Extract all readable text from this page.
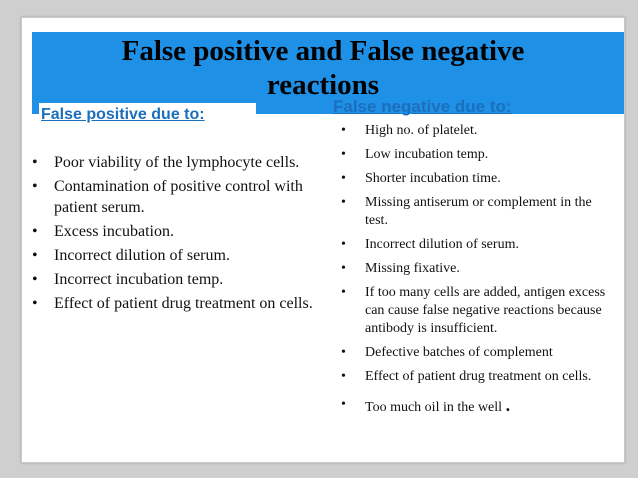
False positive and False negative
reactions
False positive due to:	False negative due to:
• Poor viability of the lymphocyte cells.
• Contamination of positive control with patient serum.
• Excess incubation.
• Incorrect dilution of serum.
• Incorrect incubation temp.
• Effect of patient drug treatment on cells.
• High no. of platelet.
• Low incubation temp.
• Shorter incubation time.
• Missing antiserum or complement in the test.
• Incorrect dilution of serum.
• Missing fixative.
• If too many cells are added, antigen excess can cause false negative reactions because antibody is insufficient.
• Defective batches of complement
• Effect of patient drug treatment on cells.
• Too much oil in the well .
